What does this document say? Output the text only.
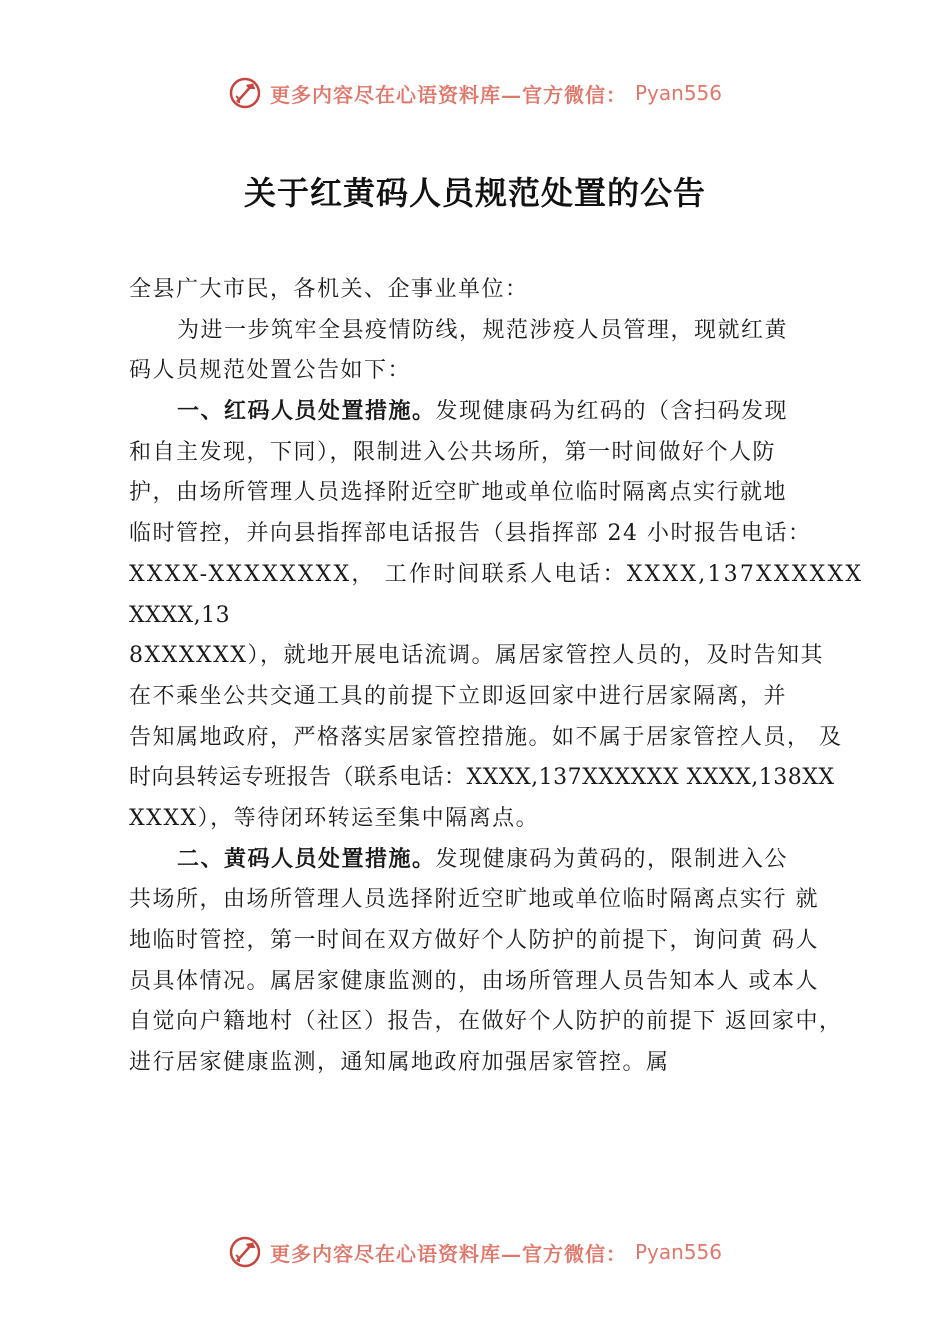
更多内容尽在心语资料库—官方微信： Pyan556
关于红黄码人员规范处置的公告
全县广大市民，各机关、企事业单位：
为进一步筑牢全县疫情防线，规范涉疫人员管理，现就红黄
码人员规范处置公告如下：
一、红码人员处置措施。发现健康码为红码的（含扫码发现
和自主发现，下同），限制进入公共场所，第一时间做好个人防
护，由场所管理人员选择附近空旷地或单位临时隔离点实行就地
临时管控，并向县指挥部电话报告（县指挥部 24 小时报告电话：
XXXX-XXXXXXXX， 工作时间联系人电话：XXXX,137XXXXXX
XXXX,13
8XXXXXX），就地开展电话流调。属居家管控人员的，及时告知其
在不乘坐公共交通工具的前提下立即返回家中进行居家隔离，并
告知属地政府，严格落实居家管控措施。如不属于居家管控人员， 及
时向县转运专班报告（联系电话：XXXX,137XXXXXX XXXX,138XX
XXXX），等待闭环转运至集中隔离点。
二、黄码人员处置措施。发现健康码为黄码的，限制进入公
共场所，由场所管理人员选择附近空旷地或单位临时隔离点实行 就
地临时管控，第一时间在双方做好个人防护的前提下，询问黄 码人
员具体情况。属居家健康监测的，由场所管理人员告知本人 或本人
自觉向户籍地村（社区）报告，在做好个人防护的前提下 返回家中，
进行居家健康监测，通知属地政府加强居家管控。属
更多内容尽在心语资料库—官方微信： Pyan556
